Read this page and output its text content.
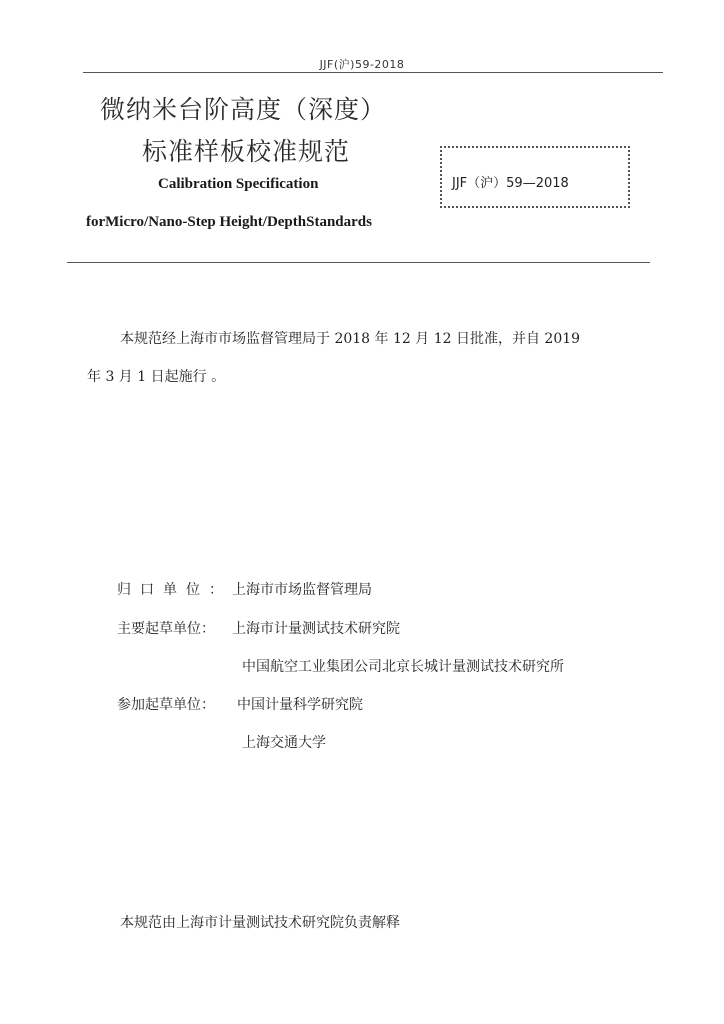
JJF(沪)59-2018
微纳米台阶高度（深度）
标准样板校准规范
Calibration Specification
forMicro/Nano-Step Height/DepthStandards
JJF（沪）59—2018
本规范经上海市市场监督管理局于 2018 年 12 月 12 日批准，并自 2019
年 3 月 1 日起施行 。
归口单位： 上海市市场监督管理局
主要起草单位： 上海市计量测试技术研究院
中国航空工业集团公司北京长城计量测试技术研究所
参加起草单位： 中国计量科学研究院
上海交通大学
本规范由上海市计量测试技术研究院负责解释
